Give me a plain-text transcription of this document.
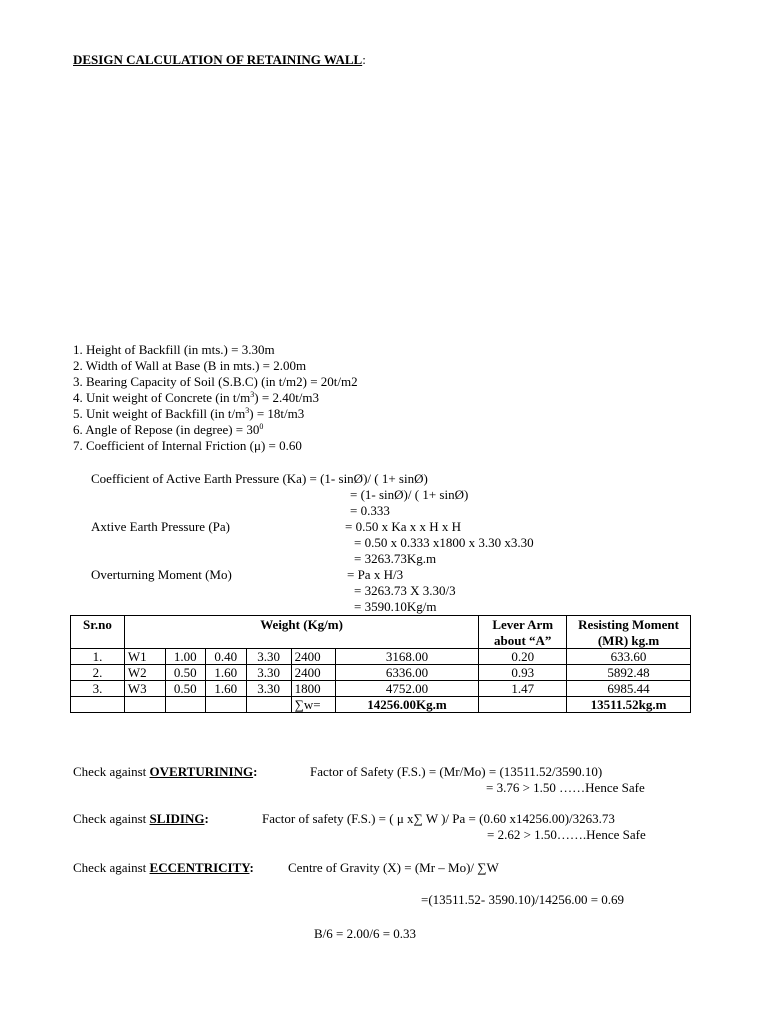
DESIGN CALCULATION OF RETAINING WALL:
1. Height of Backfill (in mts.) = 3.30m
2. Width of Wall at Base (B in mts.) = 2.00m
3. Bearing Capacity of Soil (S.B.C) (in t/m2) = 20t/m2
4. Unit weight of Concrete (in $t/m^3) = 2.40t/m3$
5. Unit weight of Backfill (in $t/m^3) = 18t/m3$
6. Angle of Repose (in degree) = $30^0$
7. Coefficient of Internal Friction (μ) = 0.60
Coefficient of Active Earth Pressure (Ka) = (1- sinØ)/ ( 1+ sinØ)
= (1- sinØ)/ ( 1+ sinØ)
= 0.333
Axtive Earth Pressure (Pa)	= 0.50 x Ka x x H x H
= 0.50 x 0.333 x1800 x 3.30 x3.30
= 3263.73Kg.m
Overturning Moment (Mo)	= Pa x H/3
= 3263.73 X 3.30/3
= 3590.10Kg/m
Sr.no	Weight (Kg/m)						Lever Arm	Resisting Moment
							about “A”	(MR) kg.m
1.	W1	1.00	0.40	3.30	2400	3168.00	0.20	633.60
2.	W2	0.50	1.60	3.30	2400	6336.00	0.93	5892.48
3.	W3	0.50	1.60	3.30	1800	4752.00	1.47	6985.44
					∑w=	14256.00Kg.m		13511.52kg.m
Check against OVERTURINING:	Factor of Safety (F.S.) = (Mr/Mo) = (13511.52/3590.10)
= 3.76 > 1.50 ……Hence Safe
Check against SLIDING:	Factor of safety (F.S.) = ( μ x∑ W )/ Pa = (0.60 x14256.00)/3263.73
= 2.62 > 1.50…….Hence Safe
Check against ECCENTRICITY:	Centre of Gravity (X) = (Mr – Mo)/ ∑W
=(13511.52- 3590.10)/14256.00 = 0.69
B/6 = 2.00/6 = 0.33
